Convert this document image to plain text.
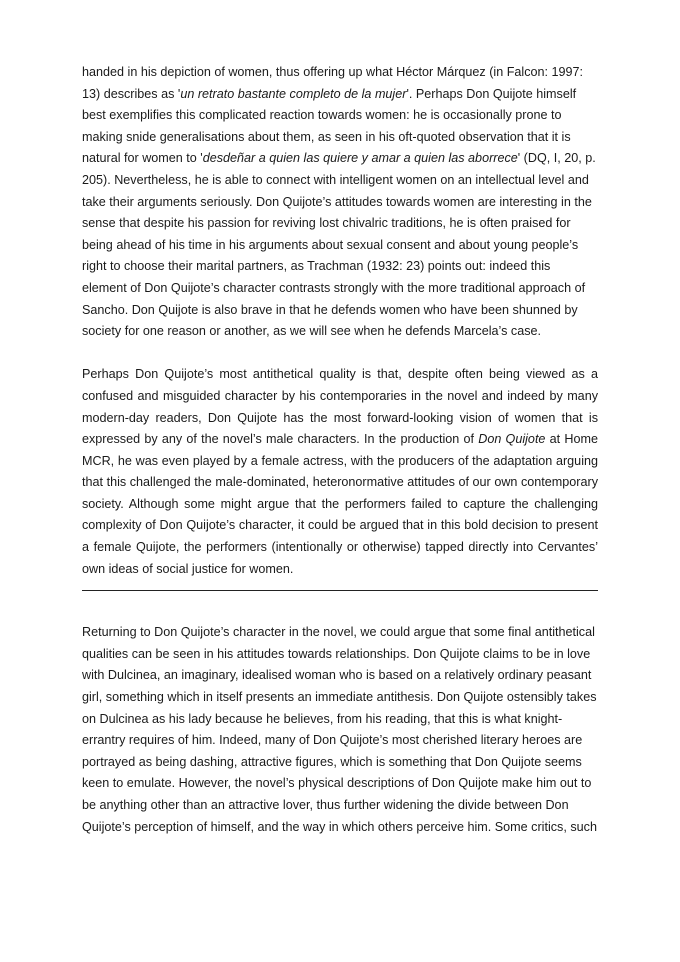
handed in his depiction of women, thus offering up what Héctor Márquez (in Falcon: 1997:
13) describes as 'un retrato bastante completo de la mujer'. Perhaps Don Quijote himself
best exemplifies this complicated reaction towards women: he is occasionally prone to
making snide generalisations about them, as seen in his oft-quoted observation that it is
natural for women to 'desdeñar a quien las quiere y amar a quien las aborrece' (DQ, I, 20, p.
205). Nevertheless, he is able to connect with intelligent women on an intellectual level and
take their arguments seriously. Don Quijote’s attitudes towards women are interesting in the
sense that despite his passion for reviving lost chivalric traditions, he is often praised for
being ahead of his time in his arguments about sexual consent and about young people’s
right to choose their marital partners, as Trachman (1932: 23) points out: indeed this
element of Don Quijote’s character contrasts strongly with the more traditional approach of
Sancho. Don Quijote is also brave in that he defends women who have been shunned by
society for one reason or another, as we will see when he defends Marcela’s case.

Perhaps Don Quijote’s most antithetical quality is that, despite often being viewed as a confused and misguided character by his contemporaries in the novel and indeed by many modern-day readers, Don Quijote has the most forward-looking vision of women that is expressed by any of the novel’s male characters. In the production of Don Quijote at Home MCR, he was even played by a female actress, with the producers of the adaptation arguing that this challenged the male-dominated, heteronormative attitudes of our own contemporary society. Although some might argue that the performers failed to capture the challenging complexity of Don Quijote’s character, it could be argued that in this bold decision to present a female Quijote, the performers (intentionally or otherwise) tapped directly into Cervantes’ own ideas of social justice for women.

Returning to Don Quijote’s character in the novel, we could argue that some final antithetical
qualities can be seen in his attitudes towards relationships. Don Quijote claims to be in love
with Dulcinea, an imaginary, idealised woman who is based on a relatively ordinary peasant
girl, something which in itself presents an immediate antithesis. Don Quijote ostensibly takes
on Dulcinea as his lady because he believes, from his reading, that this is what knight-
errantry requires of him. Indeed, many of Don Quijote’s most cherished literary heroes are
portrayed as being dashing, attractive figures, which is something that Don Quijote seems
keen to emulate. However, the novel’s physical descriptions of Don Quijote make him out to
be anything other than an attractive lover, thus further widening the divide between Don
Quijote’s perception of himself, and the way in which others perceive him. Some critics, such
